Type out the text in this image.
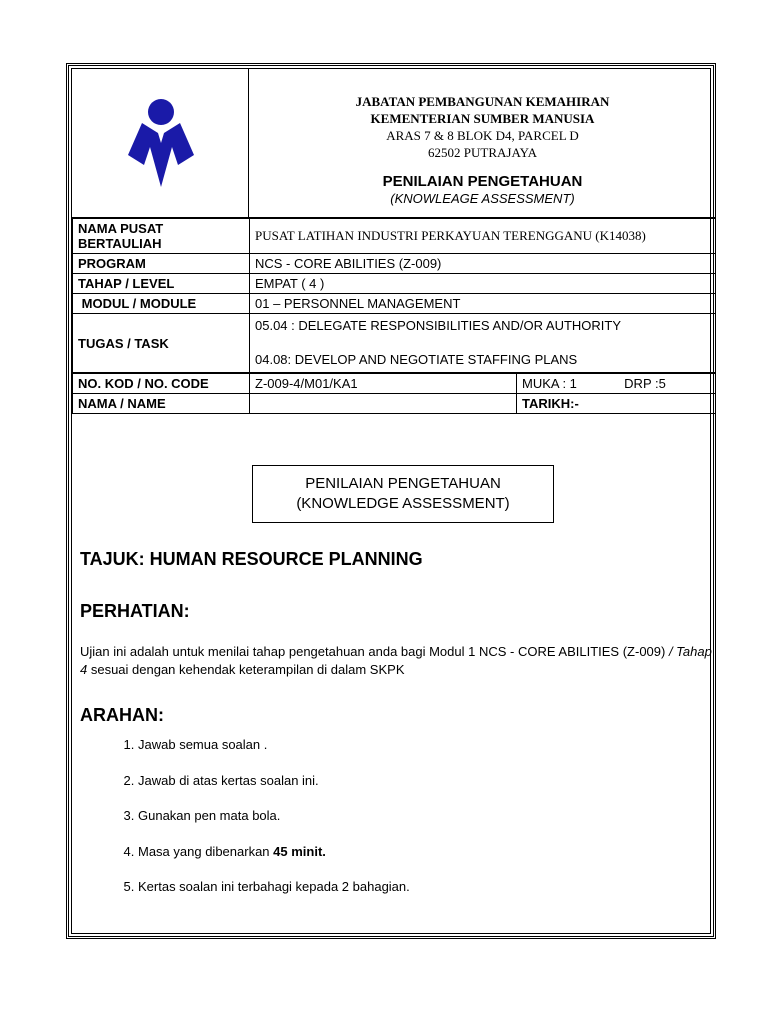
JABATAN PEMBANGUNAN KEMAHIRAN
KEMENTERIAN SUMBER MANUSIA
ARAS 7 & 8 BLOK D4, PARCEL D
62502 PUTRAJAYA
PENILAIAN PENGETAHUAN
(KNOWLEAGE ASSESSMENT)
NAMA PUSAT
BERTAULIAH	PUSAT LATIHAN INDUSTRI PERKAYUAN TERENGGANU (K14038)	
PROGRAM	NCS - CORE ABILITIES (Z-009)	
TAHAP / LEVEL	EMPAT ( 4 )	
MODUL / MODULE	01 – PERSONNEL MANAGEMENT	
TUGAS / TASK	05.04 : DELEGATE RESPONSIBILITIES AND/OR AUTHORITY
04.08: DEVELOP AND NEGOTIATE STAFFING PLANS	

NO. KOD / NO. CODE	Z-009-4/M01/KA1	MUKA : 1 DRP :5
NAMA / NAME		TARIKH:-
PENILAIAN PENGETAHUAN
(KNOWLEDGE ASSESSMENT)
TAJUK: HUMAN RESOURCE PLANNING
PERHATIAN:
Ujian ini adalah untuk menilai tahap pengetahuan anda bagi Modul 1 NCS - CORE ABILITIES (Z-009) / Tahap 4 sesuai dengan kehendak keterampilan di dalam SKPK
ARAHAN:
1. Jawab semua soalan .
2. Jawab di atas kertas soalan ini.
3. Gunakan pen mata bola.
4. Masa yang dibenarkan 45 minit.
5. Kertas soalan ini terbahagi kepada 2 bahagian.
